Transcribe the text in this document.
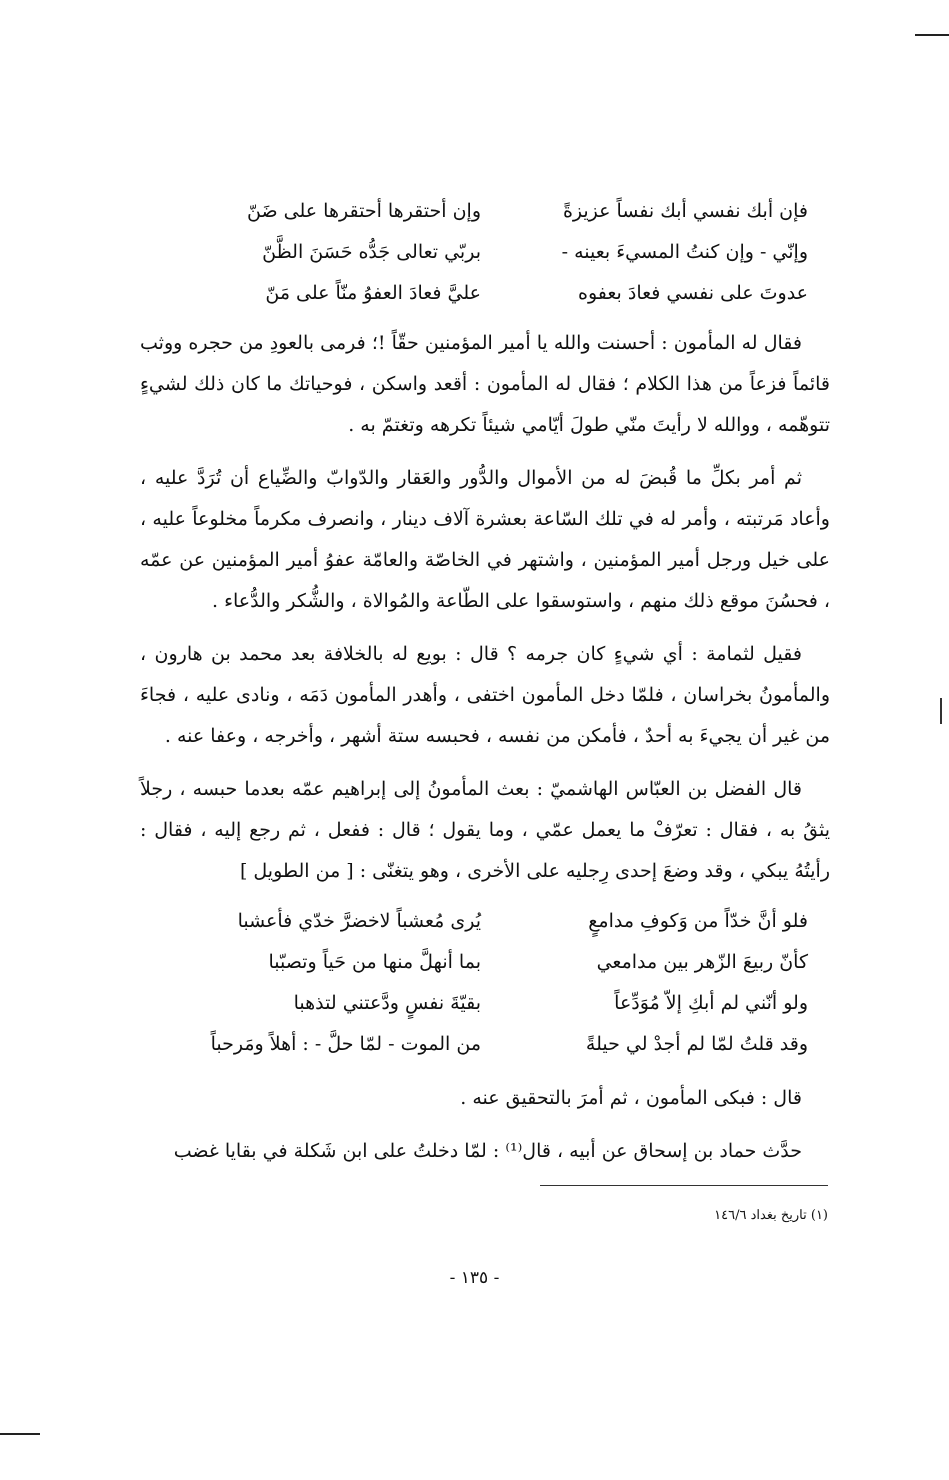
فإن أبك نفسي أبك نفساً عزيزةً
وإن أحتقرها أحتقرها على ضَنّ
وإنّي - وإن كنتُ المسيءَ بعينه -
بربّي تعالى جَدُّه حَسَنَ الظَّنّ
عدوتَ على نفسي فعادَ بعفوه
عليَّ فعادَ العفوُ منّاً على مَنّ

فقال له المأمون : أحسنت والله يا أمير المؤمنين حقّاً !؛ فرمى بالعودِ من حجره ووثب قائماً فزعاً من هذا الكلام ؛ فقال له المأمون : أقعد واسكن ، فوحياتك ما كان ذلك لشيءٍ تتوهّمه ، ووالله لا رأيتَ منّي طولَ أيّامي شيئاً تكرهه وتغتمّ به .

ثم أمر بكلِّ ما قُبضَ له من الأموال والدُّور والعَقار والدّوابّ والضِّياع أن تُرَدَّ عليه ، وأعاد مَرتبته ، وأمر له في تلك السّاعة بعشرة آلاف دينار ، وانصرف مكرماً مخلوعاً عليه ، على خيل ورجل أمير المؤمنين ، واشتهر في الخاصّة والعامّة عفوُ أمير المؤمنين عن عمّه ، فحسُنَ موقع ذلك منهم ، واستوسقوا على الطّاعة والمُوالاة ، والشُّكر والدُّعاء .

فقيل لثمامة : أي شيءٍ كان جرمه ؟ قال : بويع له بالخلافة بعد محمد بن هارون ، والمأمونُ بخراسان ، فلمّا دخل المأمون اختفى ، وأهدر المأمون دَمَه ، ونادى عليه ، فجاءَ من غير أن يجيءَ به أحدٌ ، فأمكن من نفسه ، فحبسه ستة أشهر ، وأخرجه ، وعفا عنه .

قال الفضل بن العبّاس الهاشميّ : بعث المأمونُ إلى إبراهيم عمّه بعدما حبسه ، رجلاً يثقُ به ، فقال : تعرّفْ ما يعمل عمّي ، وما يقول ؛ قال : ففعل ، ثم رجع إليه ، فقال : رأيتُهُ يبكي ، وقد وضعَ إحدى رِجليه على الأخرى ، وهو يتغنّى : [ من الطويل ]

فلو أنَّ خدّاً من وَكوفِ مدامعٍ
يُرى مُعشباً لاخضرَّ خدّي فأعشبا
كأنّ ربيعَ الزّهر بين مدامعي
بما أنهلَّ منها من حَياً وتصبّبا
ولو أنّني لم أبكِ إلاّ مُوَدِّعاً
بقيّةَ نفسٍ ودَّعتني لتذهبا
وقد قلتُ لمّا لم أجدْ لي حيلةً
من الموت - لمّا حلَّ - : أهلاً ومَرحباً

قال : فبكى المأمون ، ثم أمرَ بالتحقيق عنه .

حدَّث حماد بن إسحاق عن أبيه ، قال⁽¹⁾ : لمّا دخلتُ على ابن شَكلة في بقايا غضب

(١) تاريخ بغداد ١٤٦/٦
- ١٣٥ -
